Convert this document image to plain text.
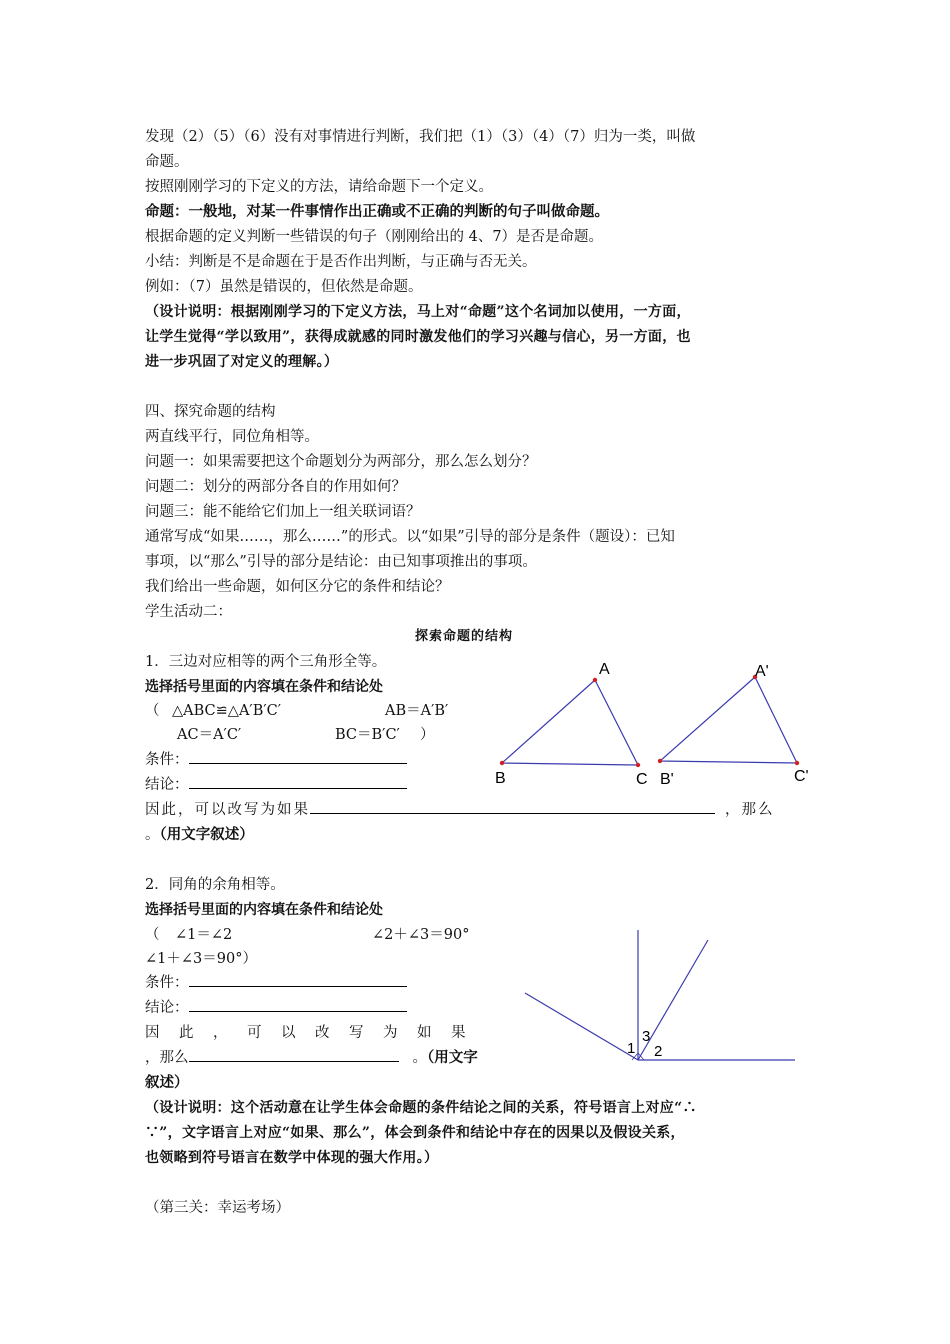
发现（2）（5）（6）没有对事情进行判断，我们把（1）（3）（4）（7）归为一类，叫做
命题。
按照刚刚学习的下定义的方法，请给命题下一个定义。
命题：一般地，对某一件事情作出正确或不正确的判断的句子叫做命题。
根据命题的定义判断一些错误的句子（刚刚给出的 4、7）是否是命题。
小结：判断是不是命题在于是否作出判断，与正确与否无关。
例如：（7）虽然是错误的，但依然是命题。
（设计说明：根据刚刚学习的下定义方法，马上对“命题”这个名词加以使用，一方面，
让学生觉得“学以致用”，获得成就感的同时激发他们的学习兴趣与信心，另一方面，也
进一步巩固了对定义的理解。）
四、探究命题的结构
两直线平行，同位角相等。
问题一：如果需要把这个命题划分为两部分，那么怎么划分？
问题二：划分的两部分各自的作用如何？
问题三：能不能给它们加上一组关联词语？
通常写成“如果……，那么……”的形式。以“如果”引导的部分是条件（题设）：已知
事项，以“那么”引导的部分是结论：由已知事项推出的事项。
我们给出一些命题，如何区分它的条件和结论？
学生活动二：
探索命题的结构
1．三边对应相等的两个三角形全等。
选择括号里面的内容填在条件和结论处
（ △ABC≌△A′B′C′	AB＝A′B′
AC＝A′C′	BC＝B′C′ ）
条件：
结论：
因此，可以改写为如果	，那么
。（用文字叙述）
A
B	C
A'
B'	C'
2．同角的余角相等。
选择括号里面的内容填在条件和结论处
（ ∠1＝∠2	∠2＋∠3＝90°
∠1＋∠3＝90°）
条件：
结论：
因此，可以改写为如果
，那么	。（用文字
叙述）
1
3
2
（设计说明：这个活动意在让学生体会命题的条件结论之间的关系，符号语言上对应“∴
∵”，文字语言上对应“如果、那么”，体会到条件和结论中存在的因果以及假设关系，
也领略到符号语言在数学中体现的强大作用。）
（第三关：幸运考场）
